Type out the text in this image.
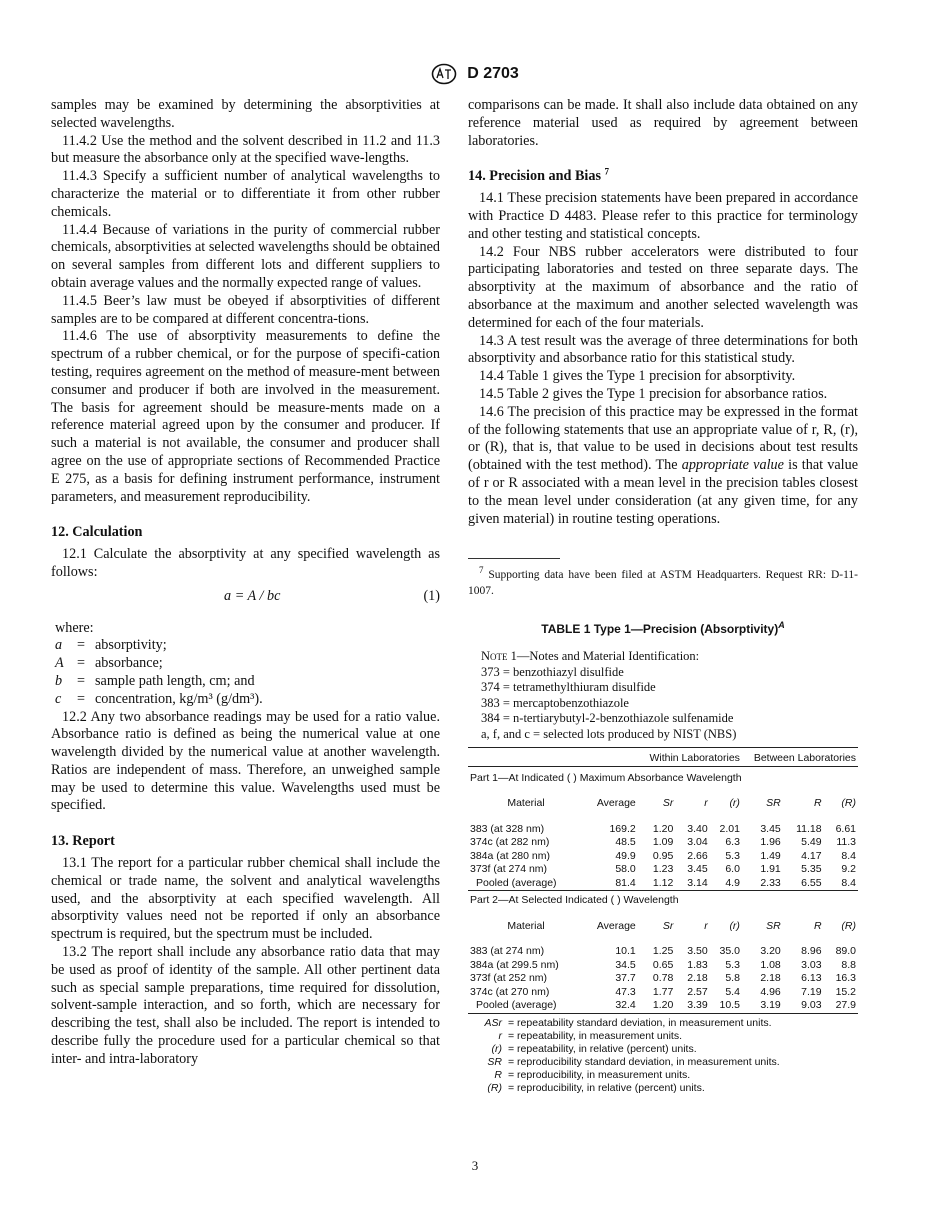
D 2703

samples may be examined by determining the absorptivities at selected wavelengths.

11.4.2 Use the method and the solvent described in 11.2 and 11.3 but measure the absorbance only at the specified wave-lengths.

11.4.3 Specify a sufficient number of analytical wavelengths to characterize the material or to differentiate it from other rubber chemicals.

11.4.4 Because of variations in the purity of commercial rubber chemicals, absorptivities at selected wavelengths should be obtained on several samples from different lots and different suppliers to obtain average values and the normally expected range of values.

11.4.5 Beer’s law must be obeyed if absorptivities of different samples are to be compared at different concentra-tions.

11.4.6 The use of absorptivity measurements to define the spectrum of a rubber chemical, or for the purpose of specifi-cation testing, requires agreement on the method of measure-ment between consumer and producer if both are involved in the measurement. The basis for agreement should be measure-ments made on a reference material agreed upon by the consumer and producer. If such a material is not available, the consumer and producer shall agree on the use of appropriate sections of Recommended Practice E 275, as a basis for defining instrument performance, instrument parameters, and measurement reproducibility.

12. Calculation

12.1 Calculate the absorptivity at any specified wavelength as follows:

a = A / bc	(1)

where:

a	= absorptivity;
A = absorbance;
b	= sample path length, cm; and
c	= concentration, kg/m³ (g/dm³).

12.2 Any two absorbance readings may be used for a ratio value. Absorbance ratio is defined as being the numerical value at one wavelength divided by the numerical value at another wavelength. Ratios are independent of mass. Therefore, an unweighed sample may be used to determine this value. Wavelengths used must be specified.

13. Report

13.1 The report for a particular rubber chemical shall include the chemical or trade name, the solvent and analytical wavelengths used, and the absorptivity at each specified wavelength. All absorptivity values need not be reported if only an absorbance spectrum is required, but the spectrum must be included.

13.2 The report shall include any absorbance ratio data that may be used as proof of identity of the sample. All other pertinent data such as special sample preparations, time required for dissolution, solvent-sample interaction, and so forth, which are necessary for describing the test, shall also be included. The report is intended to describe fully the procedure used for a particular chemical so that inter- and intra-laboratory

comparisons can be made. It shall also include data obtained on any reference material used as required by agreement between laboratories.

14. Precision and Bias $^7$

14.1 These precision statements have been prepared in accordance with Practice D 4483. Please refer to this practice for terminology and other testing and statistical concepts.

14.2 Four NBS rubber accelerators were distributed to four participating laboratories and tested on three separate days. The absorptivity at the maximum of absorbance and the ratio of absorbance at the maximum and another selected wavelength was determined for each of the four materials.

14.3 A test result was the average of three determinations for both absorptivity and absorbance ratio for this statistical study.

14.4 Table 1 gives the Type 1 precision for absorptivity.

14.5 Table 2 gives the Type 1 precision for absorbance ratios.

14.6 The precision of this practice may be expressed in the format of the following statements that use an appropriate value of r, R, (r), or (R), that is, that value to be used in decisions about test results (obtained with the test method). The appropriate value is that value of r or R associated with a mean level in the precision tables closest to the mean level under consideration (at any given time, for any given material) in routine testing operations.

$^7$ Supporting data have been filed at ASTM Headquarters. Request RR: D-11-1007.

TABLE 1 Type 1—Precision (Absorptivity)$^A$
Note 1—Notes and Material Identification:
373 = benzothiazyl disulfide
374 = tetramethylthiuram disulfide
383 = mercaptobenzothiazole
384 = n-tertiarybutyl-2-benzothiazole sulfenamide
a, f, and c = selected lots produced by NIST (NBS)
	Within Laboratories				Between Laboratories		
Part 1—At Indicated ( ) Maximum Absorbance Wavelength							
Material	Average	Sr	r	(r)	SR	R	(R)
383 (at 328 nm)	169.2	1.20	3.40	2.01	3.45	11.18	6.61
374c (at 282 nm)	48.5	1.09	3.04	6.3	1.96	5.49	11.3
384a (at 280 nm)	49.9	0.95	2.66	5.3	1.49	4.17	8.4
373f (at 274 nm)	58.0	1.23	3.45	6.0	1.91	5.35	9.2
Pooled (average)	81.4	1.12	3.14	4.9	2.33	6.55	8.4
Part 2—At Selected Indicated ( ) Wavelength							
Material	Average	Sr	r	(r)	SR	R	(R)
383 (at 274 nm)	10.1	1.25	3.50	35.0	3.20	8.96	89.0
384a (at 299.5 nm)	34.5	0.65	1.83	5.3	1.08	3.03	8.8
373f (at 252 nm)	37.7	0.78	2.18	5.8	2.18	6.13	16.3
374c (at 270 nm)	47.3	1.77	2.57	5.4	4.96	7.19	15.2
Pooled (average)	32.4	1.20	3.39	10.5	3.19	9.03	27.9

ASr = repeatability standard deviation, in measurement units.
r = repeatability, in measurement units.
(r) = repeatability, in relative (percent) units.
SR = reproducibility standard deviation, in measurement units.
R = reproducibility, in measurement units.
(R) = reproducibility, in relative (percent) units.
3
